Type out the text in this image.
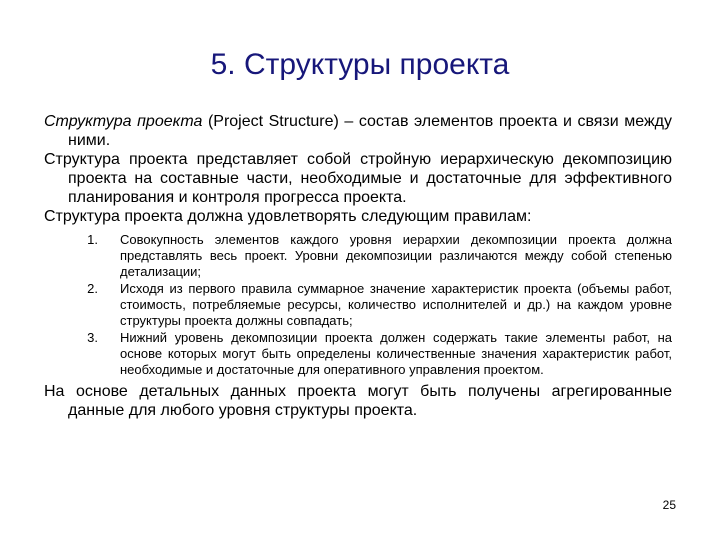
5. Структуры проекта

Структура проекта (Project Structure) – состав элементов проекта и связи между ними.

Структура проекта представляет собой стройную иерархическую декомпозицию проекта на составные части, необходимые и достаточные для эффективного планирования и контроля прогресса проекта.

Структура проекта должна удовлетворять следующим правилам:

1. Совокупность элементов каждого уровня иерархии декомпозиции проекта должна представлять весь проект. Уровни декомпозиции различаются между собой степенью детализации;
2. Исходя из первого правила суммарное значение характеристик проекта (объемы работ, стоимость, потребляемые ресурсы, количество исполнителей и др.) на каждом уровне структуры проекта должны совпадать;
3. Нижний уровень декомпозиции проекта должен содержать такие элементы работ, на основе которых могут быть определены количественные значения характеристик работ, необходимые и достаточные для оперативного управления проектом.

На основе детальных данных проекта могут быть получены агрегированные данные для любого уровня структуры проекта.

25
